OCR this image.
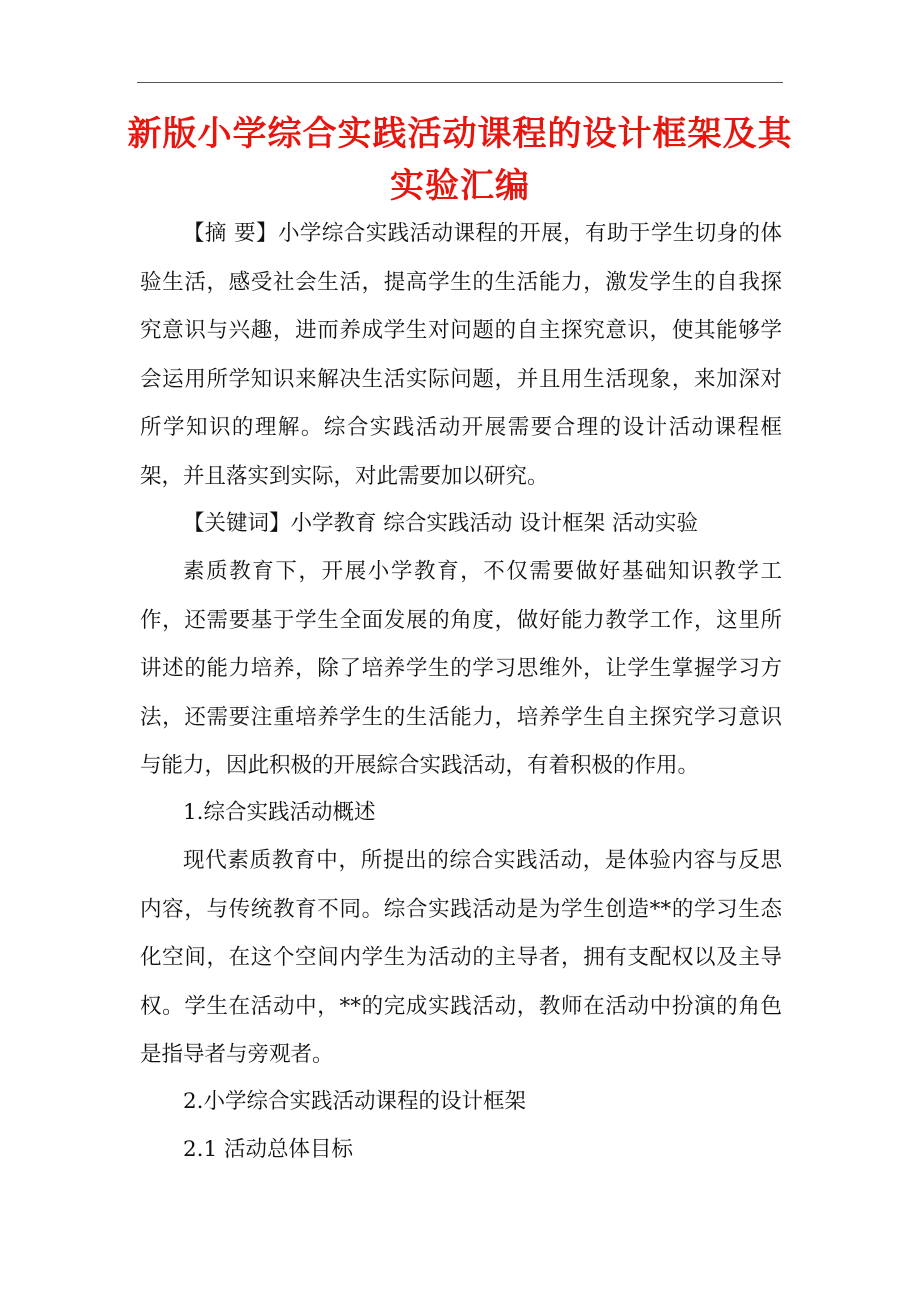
新版小学综合实践活动课程的设计框架及其实验汇编

【摘 要】小学综合实践活动课程的开展，有助于学生切身的体验生活，感受社会生活，提高学生的生活能力，激发学生的自我探究意识与兴趣，进而养成学生对问题的自主探究意识，使其能够学会运用所学知识来解决生活实际问题，并且用生活现象，来加深对所学知识的理解。综合实践活动开展需要合理的设计活动课程框架，并且落实到实际，对此需要加以研究。

【关键词】小学教育 综合实践活动 设计框架 活动实验

素质教育下，开展小学教育，不仅需要做好基础知识教学工作，还需要基于学生全面发展的角度，做好能力教学工作，这里所讲述的能力培养，除了培养学生的学习思维外，让学生掌握学习方法，还需要注重培养学生的生活能力，培养学生自主探究学习意识与能力，因此积极的开展綜合实践活动，有着积极的作用。

1.综合实践活动概述

现代素质教育中，所提出的综合实践活动，是体验内容与反思内容，与传统教育不同。综合实践活动是为学生创造**的学习生态化空间，在这个空间内学生为活动的主导者，拥有支配权以及主导权。学生在活动中，**的完成实践活动，教师在活动中扮演的角色是指导者与旁观者。

2.小学综合实践活动课程的设计框架

2.1 活动总体目标
